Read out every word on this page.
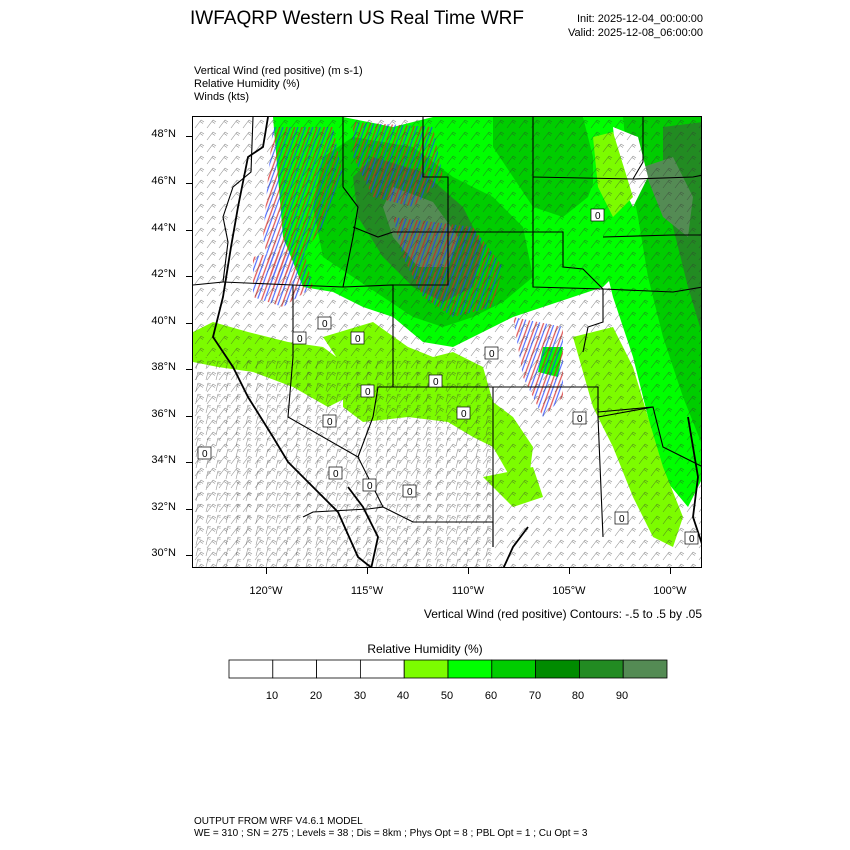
IWFAQRP Western US Real Time WRF	Init: 2025-12-04_00:00:00
Valid: 2025-12-08_06:00:00
Vertical Wind (red positive) (m s-1)
Relative Humidity (%)
Winds (kts)
0
0
0
0
0
0
0
0
0
0
0
0
0
0
0
0
48°N
46°N
44°N
42°N
40°N
38°N
36°N
34°N
32°N
30°N
120°W	115°W	110°W	105°W	100°W
Vertical Wind (red positive) Contours: -.5 to .5 by .05
Relative Humidity (%)
10	20	30	40	50	60	70	80	90
OUTPUT FROM WRF V4.6.1 MODEL
WE = 310 ; SN = 275 ; Levels = 38 ; Dis = 8km ; Phys Opt = 8 ; PBL Opt = 1 ; Cu Opt = 3
